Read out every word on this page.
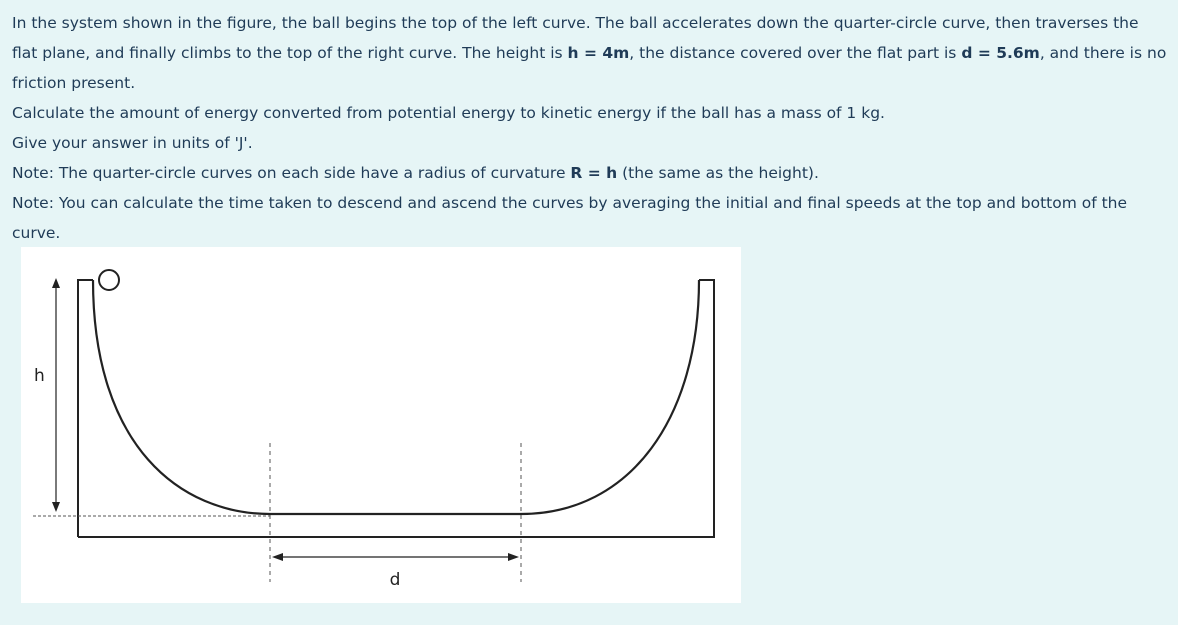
In the system shown in the figure, the ball begins the top of the left curve. The ball accelerates down the quarter-circle curve, then traverses the flat plane, and finally climbs to the top of the right curve. The height is h = 4m, the distance covered over the flat part is d = 5.6m, and there is no friction present.

Calculate the amount of energy converted from potential energy to kinetic energy if the ball has a mass of 1 kg.

Give your answer in units of 'J'.

Note: The quarter-circle curves on each side have a radius of curvature R = h (the same as the height).

Note: You can calculate the time taken to descend and ascend the curves by averaging the initial and final speeds at the top and bottom of the curve.

h
d
